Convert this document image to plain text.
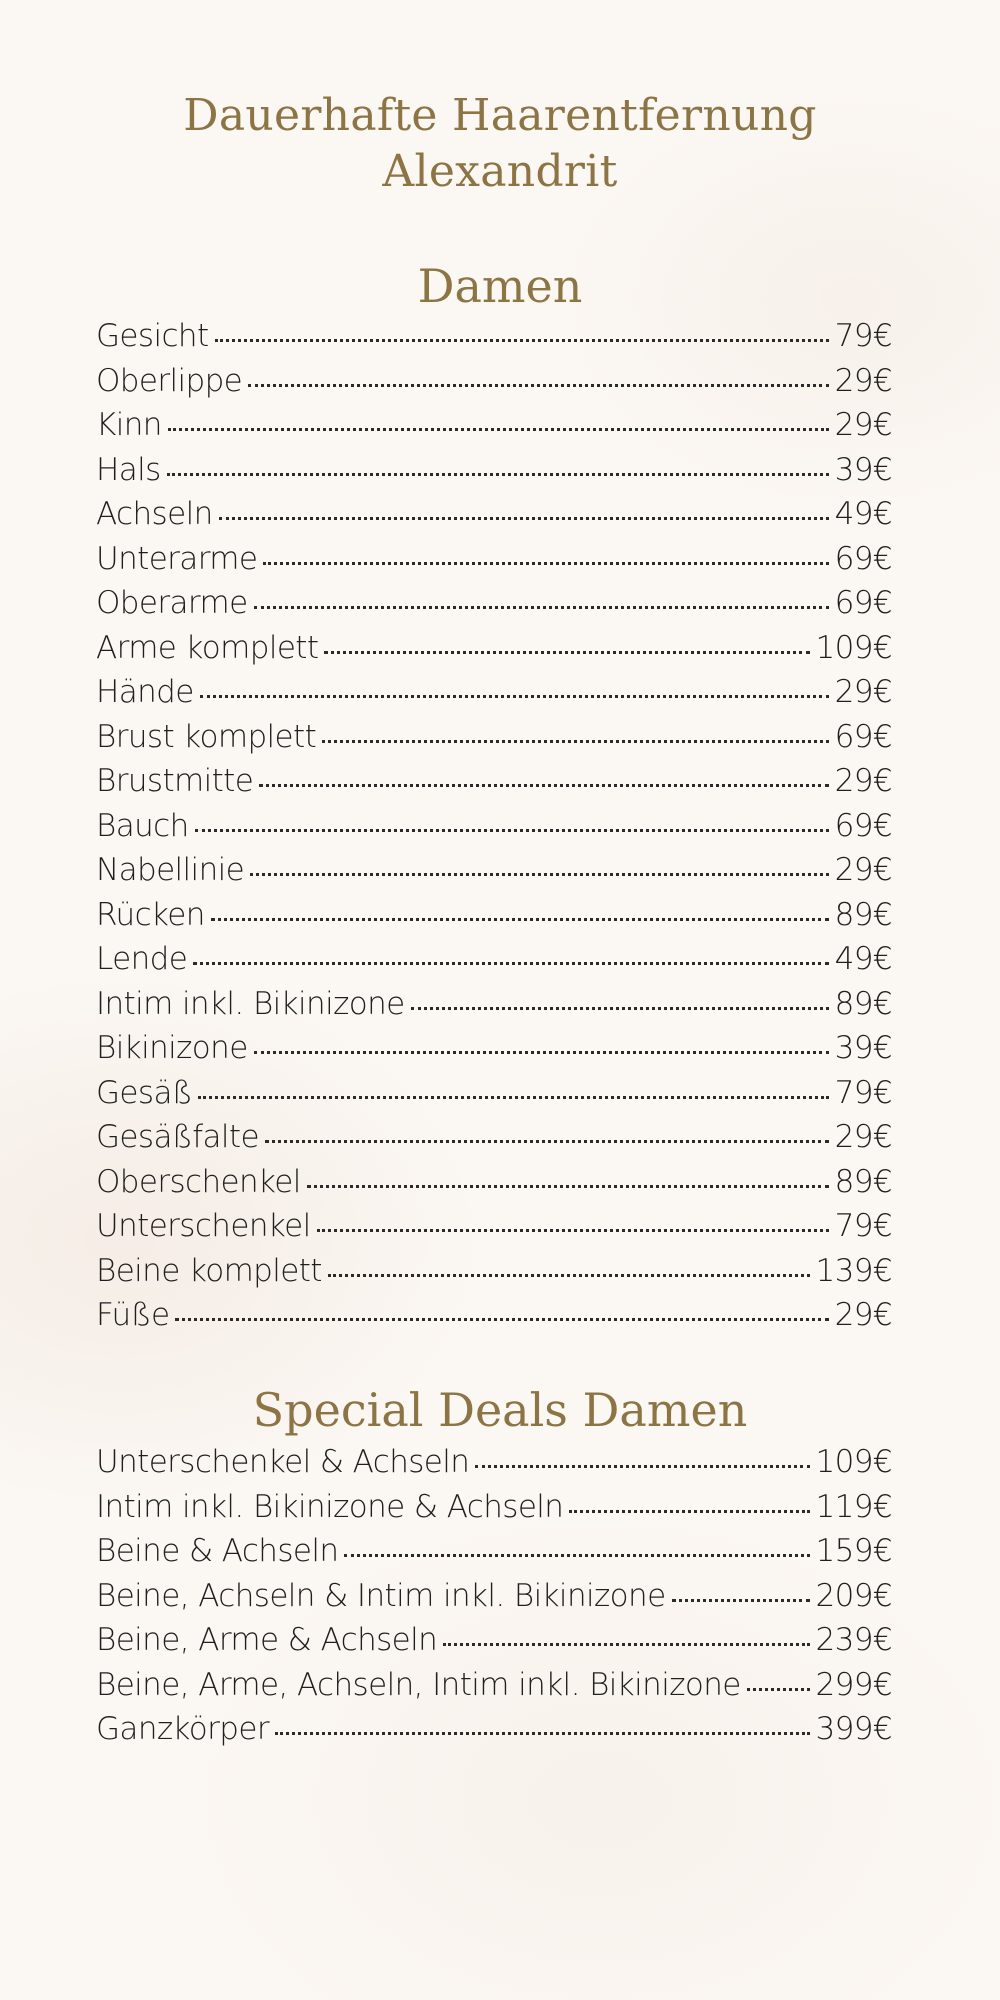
Dauerhafte Haarentfernung
Alexandrit
Damen
Gesicht	79€
Oberlippe	29€
Kinn	29€
Hals	39€
Achseln	49€
Unterarme	69€
Oberarme	69€
Arme komplett	109€
Hände	29€
Brust komplett	69€
Brustmitte	29€
Bauch	69€
Nabellinie	29€
Rücken	89€
Lende	49€
Intim inkl. Bikinizone	89€
Bikinizone	39€
Gesäß	79€
Gesäßfalte	29€
Oberschenkel	89€
Unterschenkel	79€
Beine komplett	139€
Füße	29€
Special Deals Damen
Unterschenkel & Achseln	109€
Intim inkl. Bikinizone & Achseln	119€
Beine & Achseln	159€
Beine, Achseln & Intim inkl. Bikinizone	209€
Beine, Arme & Achseln	239€
Beine, Arme, Achseln, Intim inkl. Bikinizone 299€
Ganzkörper	399€
